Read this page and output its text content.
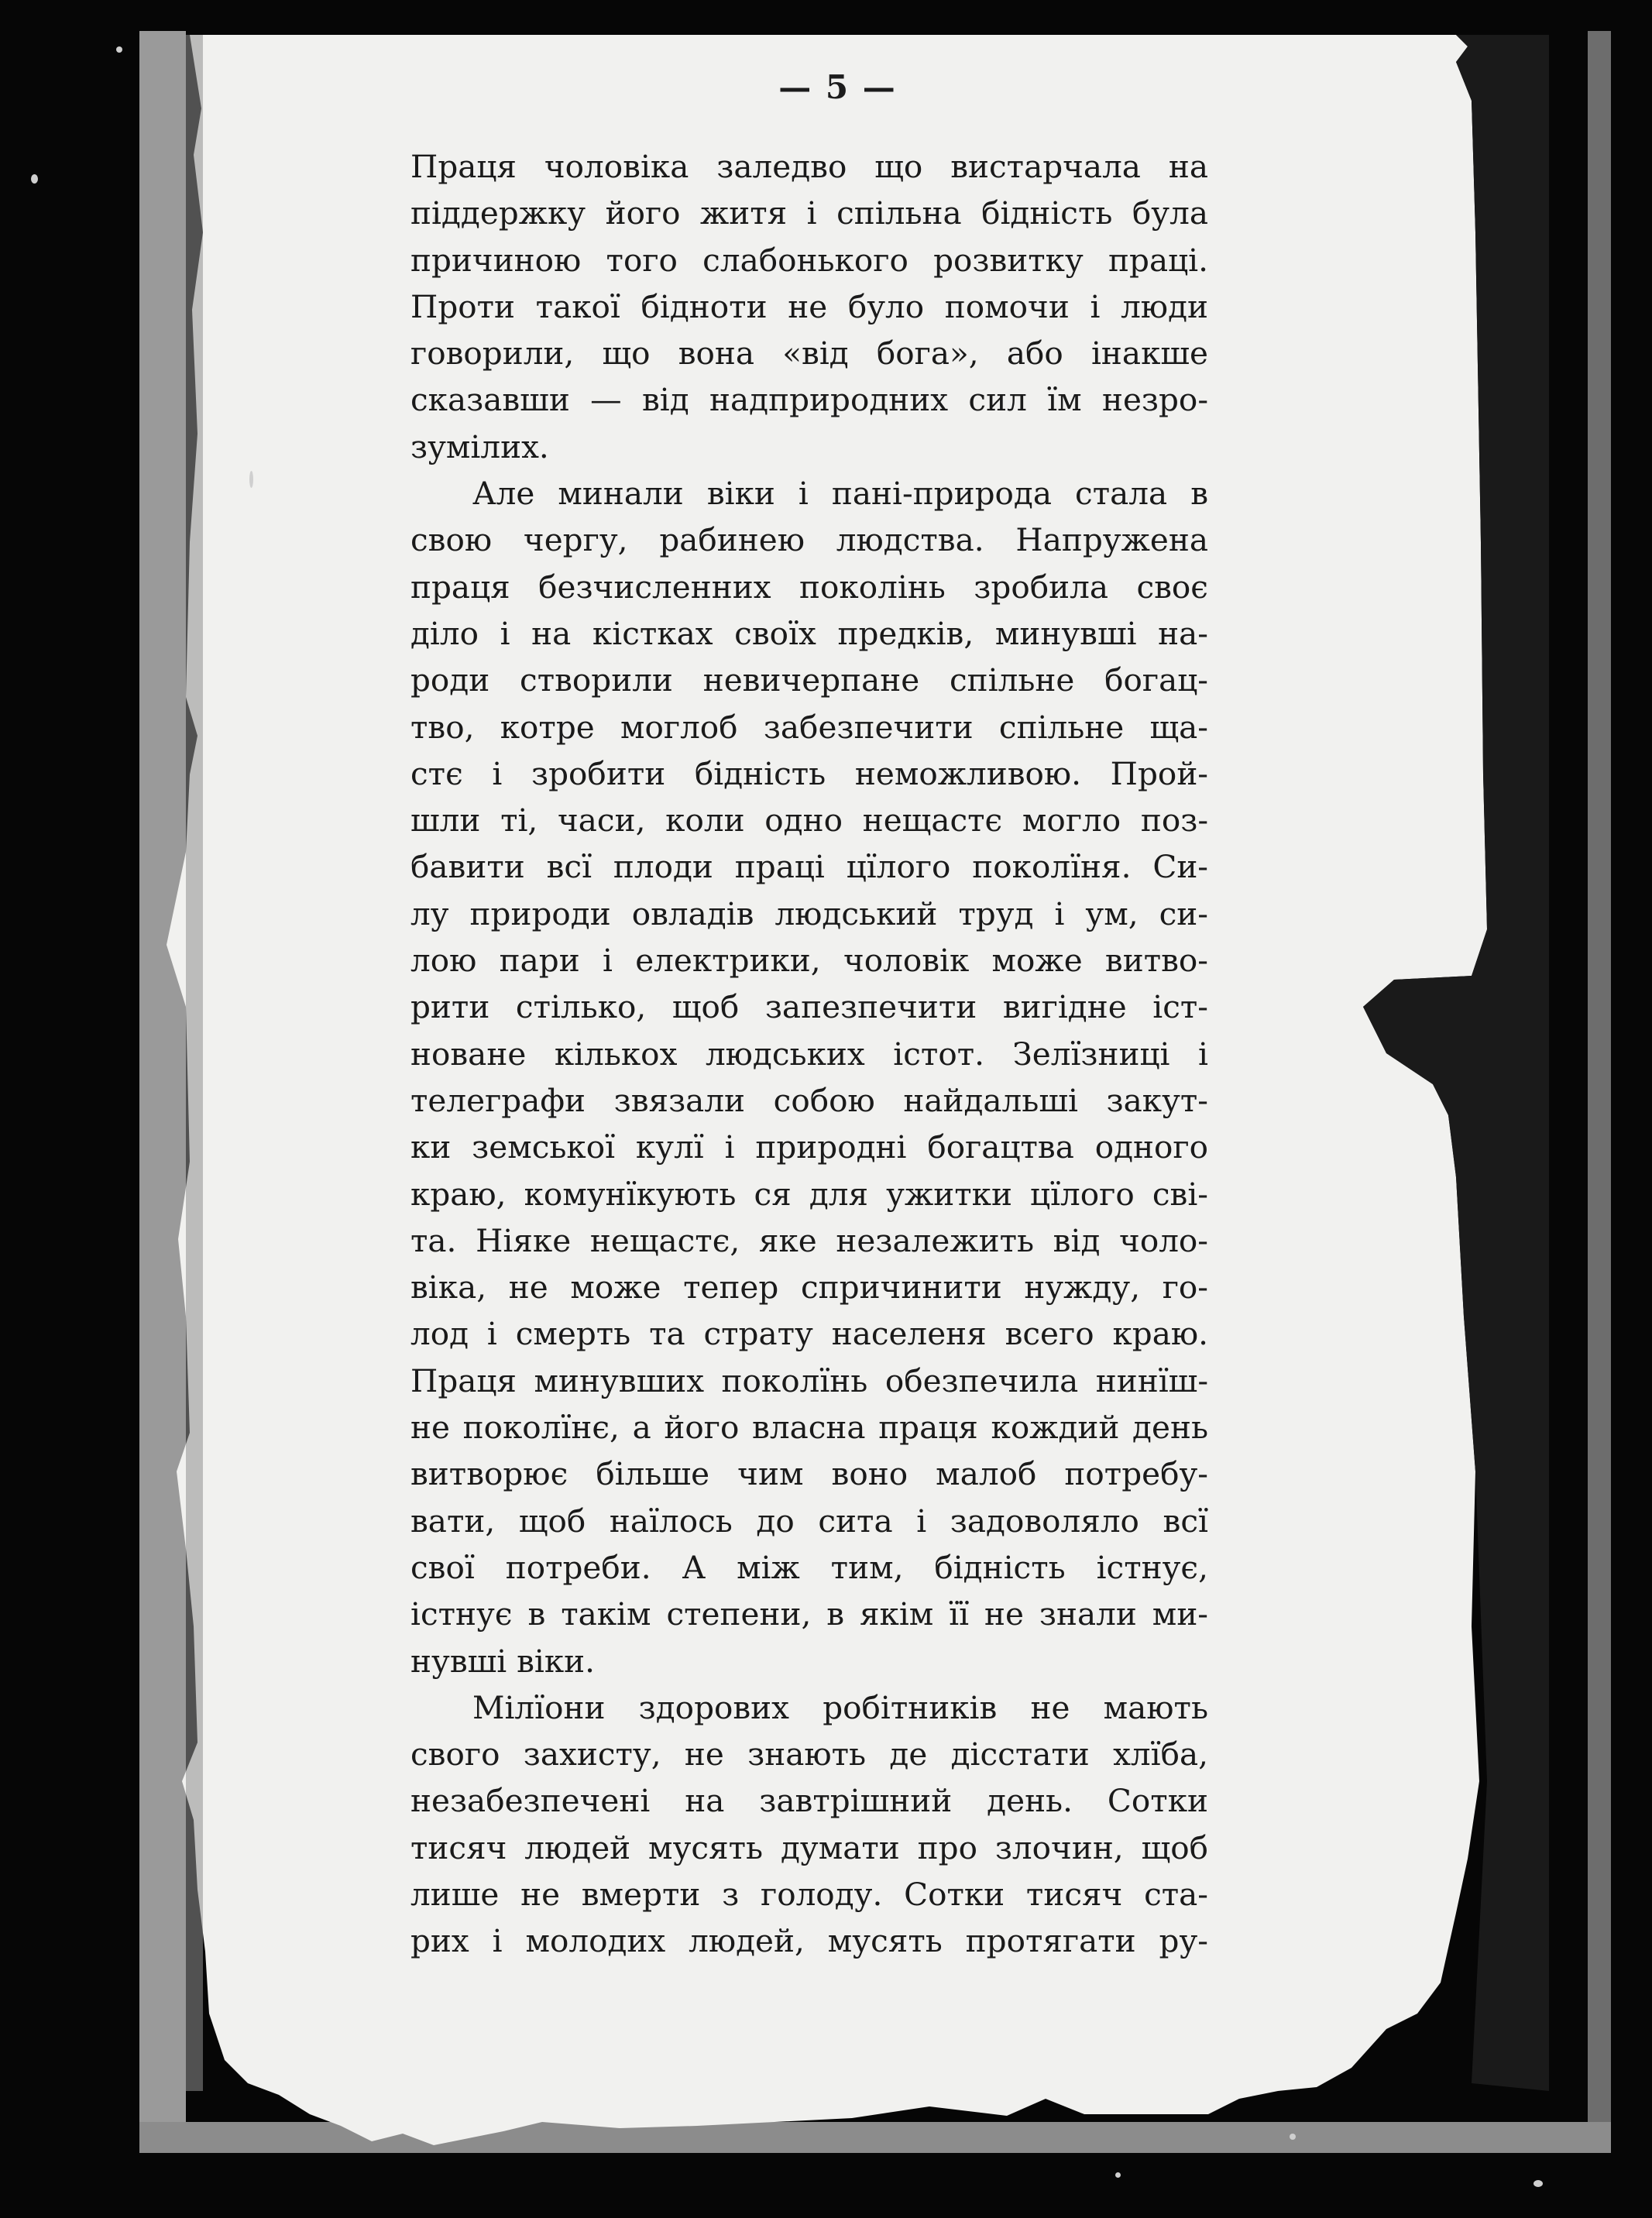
— 5 —
Праця чоловіка заледво що вистарчала на
піддержку його житя і спільна бідність була
причиною того слабонького розвитку праці.
Проти такої бідноти не було помочи і люди
говорили, що вона «від бога», або інакше
сказавши — від надприродних сил їм незро-
зумілих.
Але минали віки і пані-природа стала в
свою чергу, рабинею людства. Напружена
праця безчисленних поколінь зробила своє
діло і на кістках своїх предків, минувші на-
роди створили невичерпане спільне богац-
тво, котре моглоб забезпечити спільне ща-
стє і зробити бідність неможливою. Прой-
шли ті, часи, коли одно нещастє могло поз-
бавити всї плоди праці цїлого поколїня. Си-
лу природи овладів людський труд і ум, си-
лою пари і електрики, чоловік може витво-
рити стілько, щоб запезпечити вигідне іст-
новане кількох людських істот. Зелїзниці і
телеграфи звязали собою найдальші закут-
ки земської кулї і природні богацтва одного
краю, комунїкують ся для ужитки цїлого сві-
та. Ніяке нещастє, яке незалежить від чоло-
віка, не може тепер спричинити нужду, го-
лод і смерть та страту населеня всего краю.
Праця минувших поколїнь обезпечила нинїш-
не поколїнє, а його власна праця кождий день
витворює більше чим воно малоб потребу-
вати, щоб наїлось до сита і задоволяло всї
свої потреби. А між тим, бідність істнує,
істнує в такім степени, в якім її не знали ми-
нувші віки.
Мілїони здорових робітників не мають
свого захисту, не знають де діcстати хлїба,
незабезпечені на завтрішний день. Сотки
тисяч людей мусять думати про злочин, щоб
лише не вмерти з голоду. Сотки тисяч ста-
рих і молодих людей, мусять протягати ру-
